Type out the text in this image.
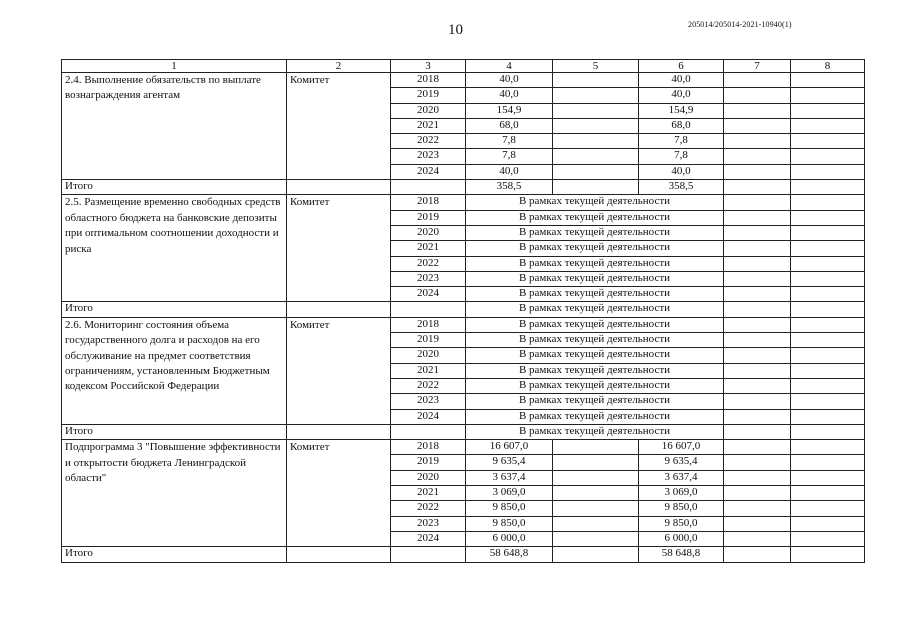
10	205014/205014-2021-10940(1)
1	2	3	4	5	6	7	8
2.4. Выполнение обязательств по выплате вознаграждения агентам	Комитет	2018	40,0		40,0		
		2019	40,0		40,0		
		2020	154,9		154,9		
		2021	68,0		68,0		
		2022	7,8		7,8		
		2023	7,8		7,8		
		2024	40,0		40,0		
Итого			358,5		358,5		
2.5. Размещение временно свободных средств областного бюджета на банковские депозиты при оптимальном соотношении доходности и риска	Комитет	2018	В рамках текущей деятельности				
		2019	В рамках текущей деятельности				
		2020	В рамках текущей деятельности				
		2021	В рамках текущей деятельности				
		2022	В рамках текущей деятельности				
		2023	В рамках текущей деятельности				
		2024	В рамках текущей деятельности				
Итого			В рамках текущей деятельности				
2.6. Мониторинг состояния объема государственного долга и расходов на его обслуживание на предмет соответствия ограничениям, установленным Бюджетным кодексом Российской Федерации	Комитет	2018	В рамках текущей деятельности				
		2019	В рамках текущей деятельности				
		2020	В рамках текущей деятельности				
		2021	В рамках текущей деятельности				
		2022	В рамках текущей деятельности				
		2023	В рамках текущей деятельности				
		2024	В рамках текущей деятельности				
Итого			В рамках текущей деятельности				
Подпрограмма 3 "Повышение эффективности и открытости бюджета Ленинградской области"	Комитет	2018	16 607,0		16 607,0		
		2019	9 635,4		9 635,4		
		2020	3 637,4		3 637,4		
		2021	3 069,0		3 069,0		
		2022	9 850,0		9 850,0		
		2023	9 850,0		9 850,0		
		2024	6 000,0		6 000,0		
Итого			58 648,8		58 648,8		
